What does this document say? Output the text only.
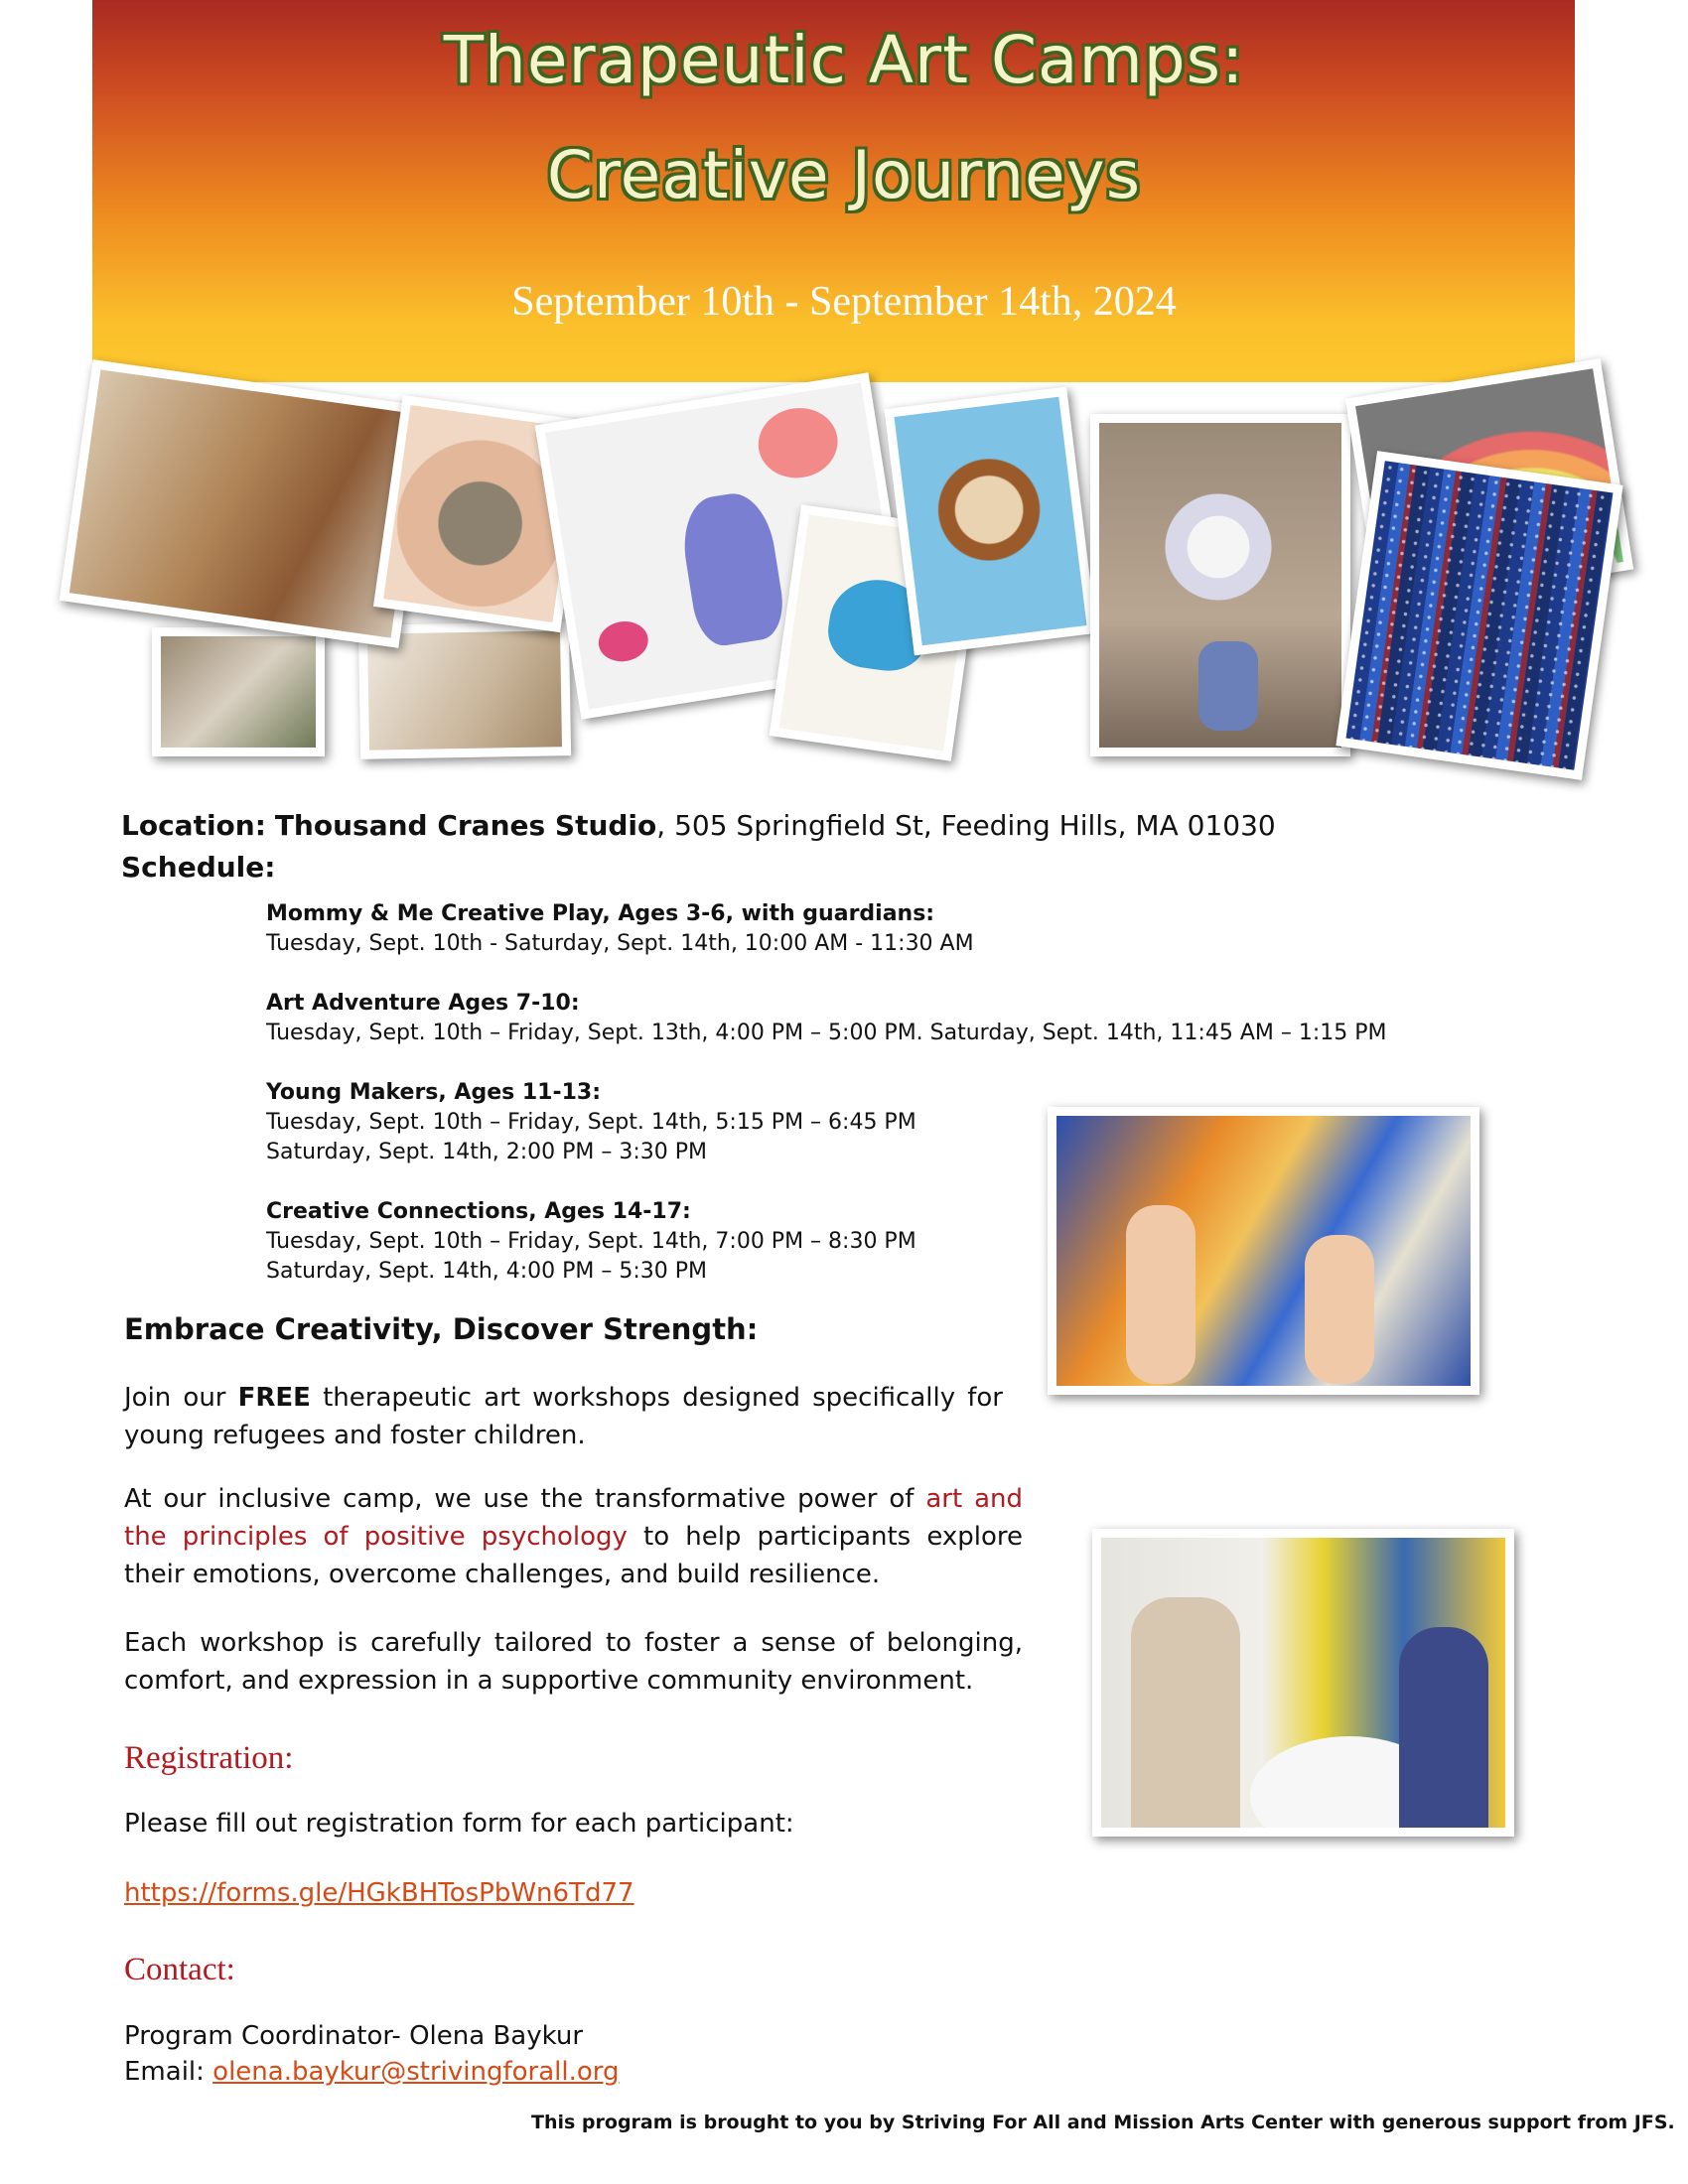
Therapeutic Art Camps:
Creative Journeys
September 10th - September 14th, 2024
Location: Thousand Cranes Studio, 505 Springfield St, Feeding Hills, MA 01030
Schedule:
Mommy & Me Creative Play, Ages 3-6, with guardians:
Tuesday, Sept. 10th - Saturday, Sept. 14th, 10:00 AM - 11:30 AM
Art Adventure Ages 7-10:
Tuesday, Sept. 10th – Friday, Sept. 13th, 4:00 PM – 5:00 PM. Saturday, Sept. 14th, 11:45 AM – 1:15 PM
Young Makers, Ages 11-13:
Tuesday, Sept. 10th – Friday, Sept. 14th, 5:15 PM – 6:45 PM
Saturday, Sept. 14th, 2:00 PM – 3:30 PM
Creative Connections, Ages 14-17:
Tuesday, Sept. 10th – Friday, Sept. 14th, 7:00 PM – 8:30 PM
Saturday, Sept. 14th, 4:00 PM – 5:30 PM
Embrace Creativity, Discover Strength:
Join our FREE therapeutic art workshops designed specifically for young refugees and foster children.
At our inclusive camp, we use the transformative power of art and the principles of positive psychology to help participants explore their emotions, overcome challenges, and build resilience.
Each workshop is carefully tailored to foster a sense of belonging, comfort, and expression in a supportive community environment.
Registration:
Please fill out registration form for each participant:
https://forms.gle/HGkBHTosPbWn6Td77
Contact:
Program Coordinator- Olena Baykur
Email: olena.baykur@strivingforall.org
This program is brought to you by Striving For All and Mission Arts Center with generous support from JFS.
